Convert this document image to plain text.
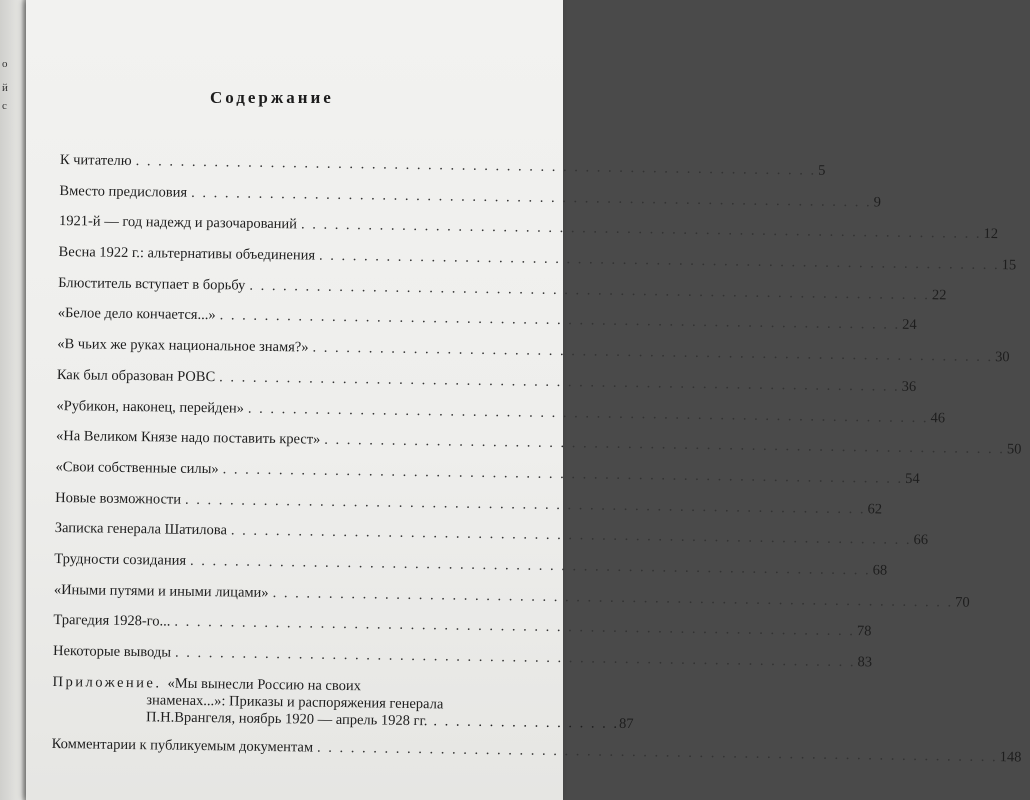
о
й
с	Содержание
К читателю
. . .
5
Вместо предисловия
. . .
9
1921-й — год надежд и разочарований
. . .
12
Весна 1922 г.: альтернативы объединения
. . .
15
Блюститель вступает в борьбу
. . .
22
«Белое дело кончается...»
. . .
24
«В чьих же руках национальное знамя?»
. . .
30
Как был образован РОВС
. . .
36
«Рубикон, наконец, перейден»
. . .
46
«На Великом Князе надо поставить крест»
. . .
50
«Свои собственные силы»
. . .
54
Новые возможности
. . .
62
Записка генерала Шатилова
. . .
66
Трудности созидания
. . .
68
«Иными путями и иными лицами»
. . .
70
Трагедия 1928-го...
. . .
78
Некоторые выводы
. . .
83
Приложение. «Мы вынесли Россию на своих
знаменах...»: Приказы и распоряжения генерала
П.Н.Врангеля, ноябрь 1920 — апрель 1928 гг. . . . . . . . . . . . . . . . . . 87
Комментарии к публикуемым документам
. . .
148
